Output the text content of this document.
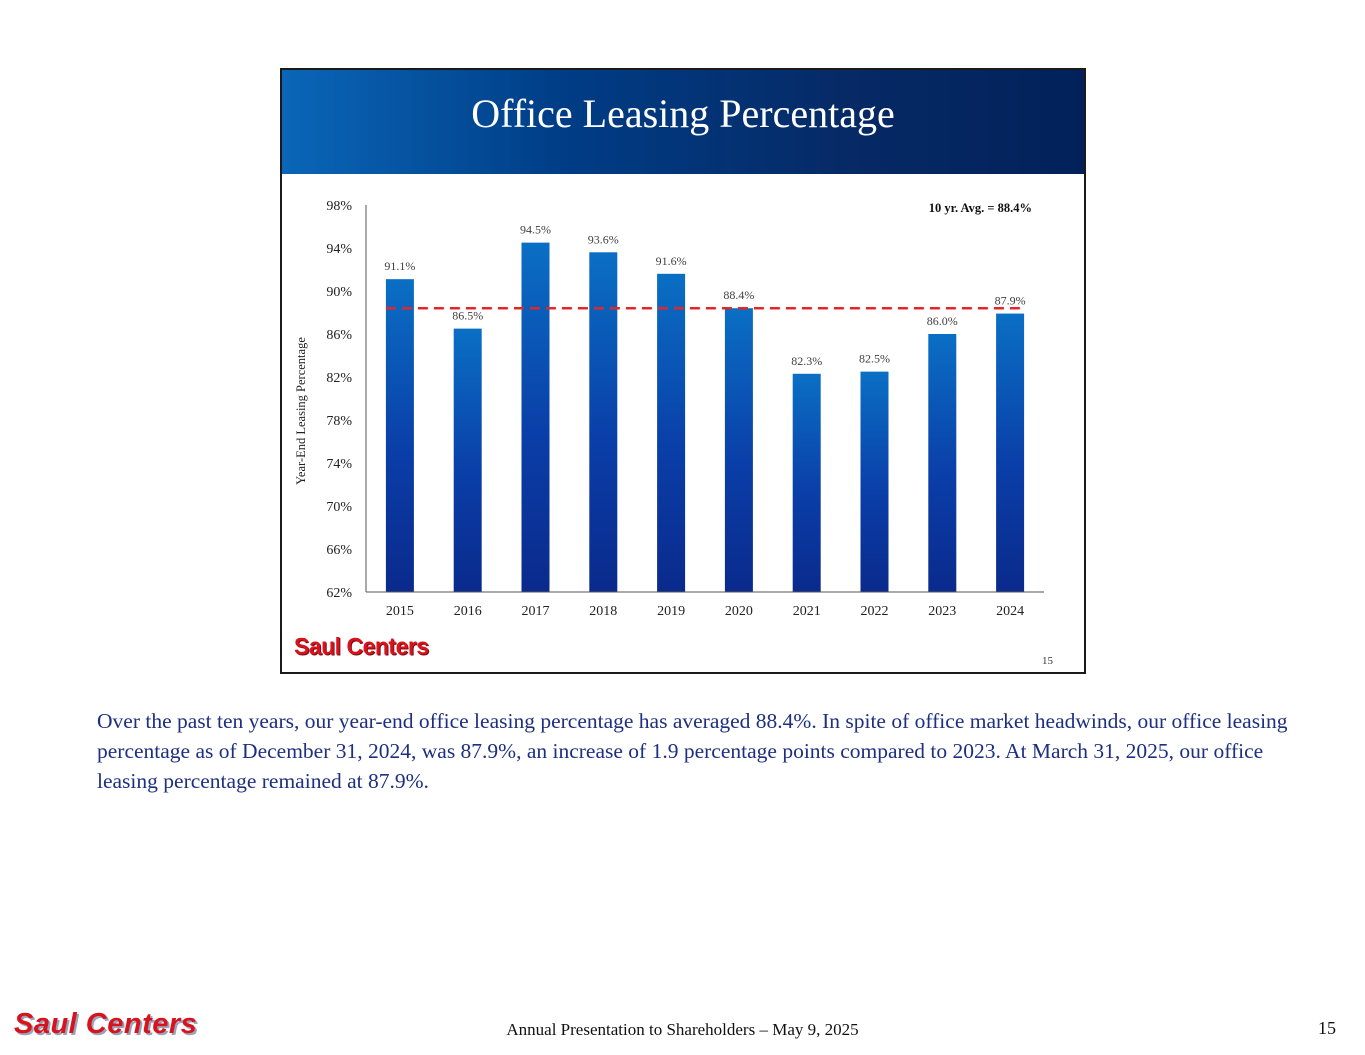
Office Leasing Percentage
62%
66%
70%
74%
78%
82%
86%
90%
94%
98%
91.1%
86.5%
94.5%
93.6%
91.6%
88.4%
82.3%	82.5%
86.0%
87.9%
2015	2016	2017	2018	2019	2020	2021	2022	2023	2024
10 yr. Avg. = 88.4%
Year-End Leasing Percentage
Saul Centers
15
Over the past ten years, our year-end office leasing percentage has averaged 88.4%. In spite of office market headwinds, our office leasing percentage as of December 31, 2024, was 87.9%, an increase of 1.9 percentage points compared to 2023. At March 31, 2025, our office leasing percentage remained at 87.9%.
Saul Centers	Annual Presentation to Shareholders – May 9, 2025	15
